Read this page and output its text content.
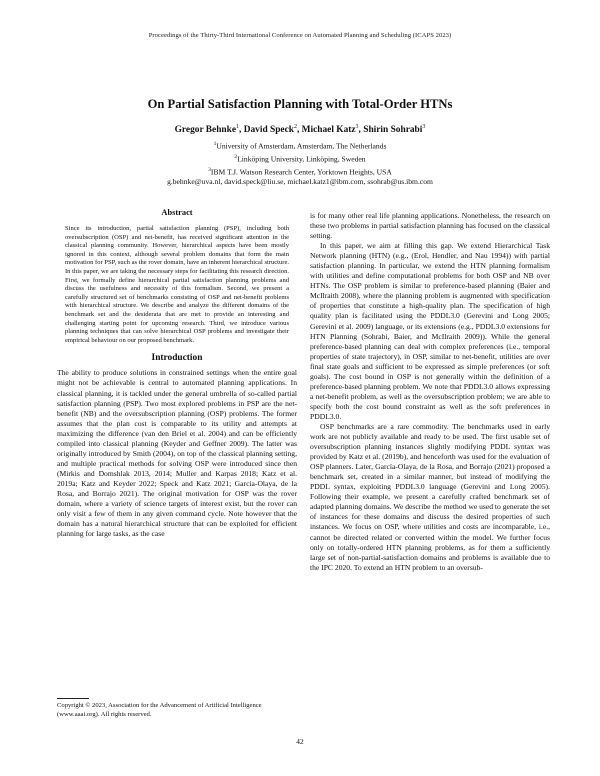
Proceedings of the Thirty-Third International Conference on Automated Planning and Scheduling (ICAPS 2023)
On Partial Satisfaction Planning with Total-Order HTNs
Gregor Behnke$^1$, David Speck$^2$, Michael Katz$^3$, Shirin Sohrabi$^3$
$^1$University of Amsterdam, Amsterdam, The Netherlands
$^2$Linköping University, Linköping, Sweden
$^3$IBM T.J. Watson Research Center, Yorktown Heights, USA
g.behnke@uva.nl, david.speck@liu.se, michael.katz1@ibm.com, ssohrab@us.ibm.com
Abstract
Since its introduction, partial satisfaction planning (PSP), including both oversubscription (OSP) and net-benefit, has received significant attention in the classical planning community. However, hierarchical aspects have been mostly ignored in this context, although several problem domains that form the main motivation for PSP, such as the rover domain, have an inherent hierarchical structure. In this paper, we are taking the necessary steps for facilitating this research direction. First, we formally define hierarchical partial satisfaction planning problems and discuss the usefulness and necessity of this formalism. Second, we present a carefully structured set of benchmarks consisting of OSP and net-benefit problems with hierarchical structure. We describe and analyze the different domains of the benchmark set and the desiderata that are met to provide an interesting and challenging starting point for upcoming research. Third, we introduce various planning techniques that can solve hierarchical OSP problems and investigate their empirical behaviour on our proposed benchmark.
Introduction

The ability to produce solutions in constrained settings when the entire goal might not be achievable is central to automated planning applications. In classical planning, it is tackled under the general umbrella of so-called partial satisfaction planning (PSP). Two most explored problems in PSP are the net-benefit (NB) and the oversubscription planning (OSP) problems. The former assumes that the plan cost is comparable to its utility and attempts at maximizing the difference (van den Briel et al. 2004) and can be efficiently compiled into classical planning (Keyder and Geffner 2009). The latter was originally introduced by Smith (2004), on top of the classical planning setting, and multiple practical methods for solving OSP were introduced since then (Mirkis and Domshlak 2013, 2014; Muller and Karpas 2018; Katz et al. 2019a; Katz and Keyder 2022; Speck and Katz 2021; García-Olaya, de la Rosa, and Borrajo 2021). The original motivation for OSP was the rover domain, where a variety of science targets of interest exist, but the rover can only visit a few of them in any given command cycle. Note however that the domain has a natural hierarchical structure that can be exploited for efficient planning for large tasks, as the case

is for many other real life planning applications. Nonetheless, the research on these two problems in partial satisfaction planning has focused on the classical setting.

In this paper, we aim at filling this gap. We extend Hierarchical Task Network planning (HTN) (e.g., (Erol, Hendler, and Nau 1994)) with partial satisfaction planning. In particular, we extend the HTN planning formalism with utilities and define computational problems for both OSP and NB over HTNs. The OSP problem is similar to preference-based planning (Baier and McIlraith 2008), where the planning problem is augmented with specification of properties that constitute a high-quality plan. The specification of high quality plan is facilitated using the PDDL3.0 (Gerevini and Long 2005; Gerevini et al. 2009) language, or its extensions (e.g., PDDL3.0 extensions for HTN Planning (Sohrabi, Baier, and McIlraith 2009)). While the general preference-based planning can deal with complex preferences (i.e., temporal properties of state trajectory), in OSP, similar to net-benefit, utilities are over final state goals and sufficient to be expressed as simple preferences (or soft goals). The cost bound in OSP is not generally within the definition of a preference-based planning problem. We note that PDDL3.0 allows expressing a net-benefit problem, as well as the oversubscription problem; we are able to specify both the cost bound constraint as well as the soft preferences in PDDL3.0.

OSP benchmarks are a rare commodity. The benchmarks used in early work are not publicly available and ready to be used. The first usable set of oversubscription planning instances slightly modifying PDDL syntax was provided by Katz et al. (2019b), and henceforth was used for the evaluation of OSP planners. Later, García-Olaya, de la Rosa, and Borrajo (2021) proposed a benchmark set, created in a similar manner, but instead of modifying the PDDL syntax, exploiting PDDL3.0 language (Gerevini and Long 2005). Following their example, we present a carefully crafted benchmark set of adapted planning domains. We describe the method we used to generate the set of instances for these domains and discuss the desired properties of such instances. We focus on OSP, where utilities and costs are incomparable, i.e., cannot be directed related or converted within the model. We further focus only on totally-ordered HTN planning problems, as for them a sufficiently large set of non-partial-satisfaction domains and problems is available due to the IPC 2020. To extend an HTN problem to an oversub-

Copyright © 2023, Association for the Advancement of Artificial Intelligence (www.aaai.org). All rights reserved.
42
